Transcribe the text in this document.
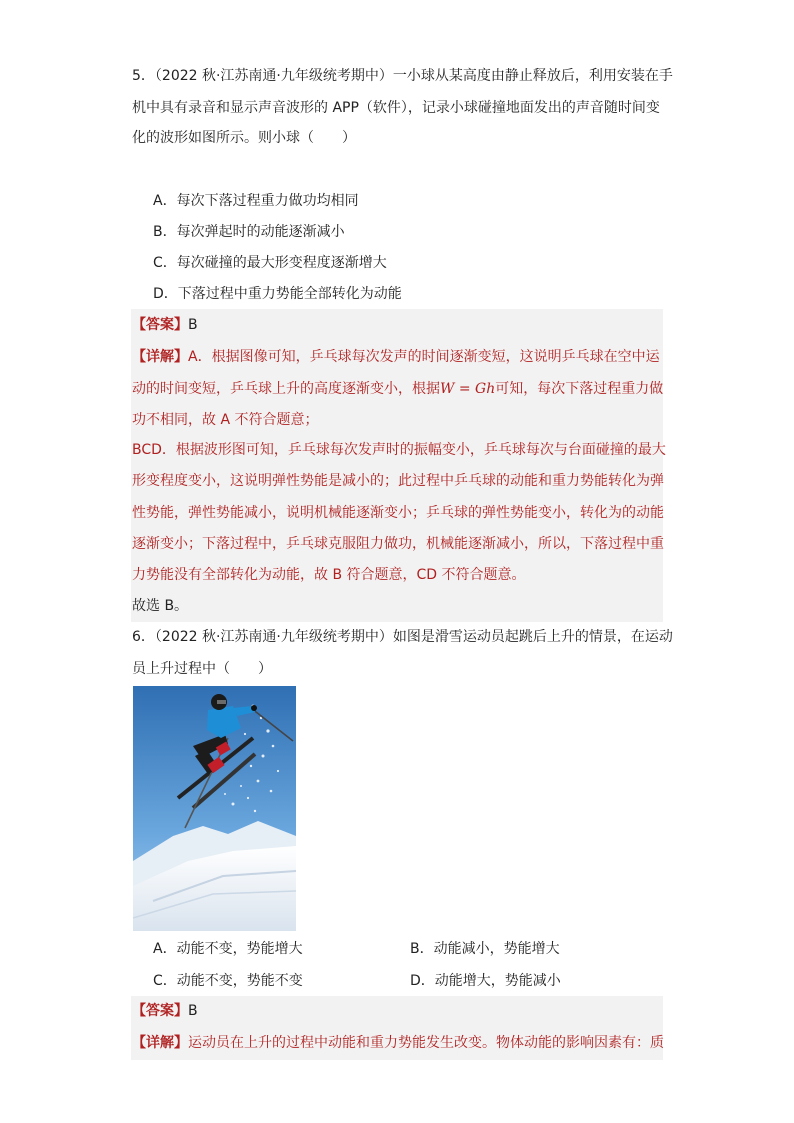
5．（2022 秋·江苏南通·九年级统考期中）一小球从某高度由静止释放后，利用安装在手
机中具有录音和显示声音波形的 APP（软件），记录小球碰撞地面发出的声音随时间变
化的波形如图所示。则小球（　　）
A．每次下落过程重力做功均相同
B．每次弹起时的动能逐渐减小
C．每次碰撞的最大形变程度逐渐增大
D．下落过程中重力势能全部转化为动能
【答案】B
【详解】A．根据图像可知，乒乓球每次发声的时间逐渐变短，这说明乒乓球在空中运
动的时间变短，乒乓球上升的高度逐渐变小，根据W = Gh可知，每次下落过程重力做
功不相同，故 A 不符合题意；
BCD．根据波形图可知，乒乓球每次发声时的振幅变小，乒乓球每次与台面碰撞的最大
形变程度变小，这说明弹性势能是减小的；此过程中乒乓球的动能和重力势能转化为弹
性势能，弹性势能减小，说明机械能逐渐变小；乒乓球的弹性势能变小，转化为的动能
逐渐变小；下落过程中，乒乓球克服阻力做功，机械能逐渐减小，所以，下落过程中重
力势能没有全部转化为动能，故 B 符合题意，CD 不符合题意。
故选 B。
6．（2022 秋·江苏南通·九年级统考期中）如图是滑雪运动员起跳后上升的情景，在运动
员上升过程中（　　）
A．动能不变，势能增大	B．动能减小，势能增大
C．动能不变，势能不变	D．动能增大，势能减小
【答案】B
【详解】运动员在上升的过程中动能和重力势能发生改变。物体动能的影响因素有：质
